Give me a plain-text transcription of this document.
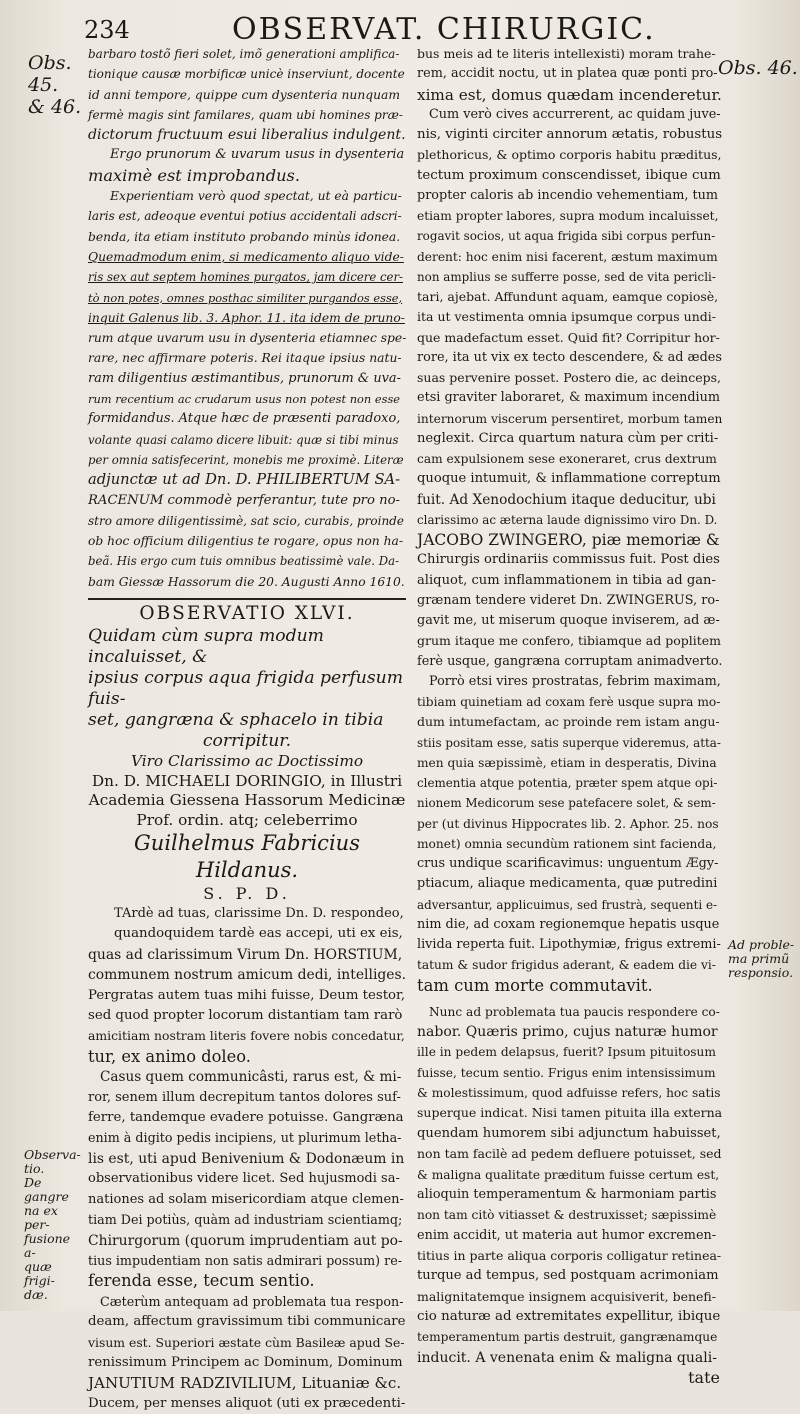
234	OBSERVAT. CHIRURGIC.
Obs. 45.
& 46.
Obs. 46.
Ad proble-
ma primũ
responsio.
Observa-
tio.
De gangre
na ex per-
fusione a-
quæ frigi-
dæ.
barbaro tostõ fieri solet, imõ generationi amplifica-
tionique causæ morbificæ unicè inserviunt, docente
id anni tempore, quippe cum dysenteria nunquam
fermè magis sint familares, quam ubi homines præ-
dictorum fructuum esui liberalius indulgent.
Ergo prunorum & uvarum usus in dysenteria
maximè est improbandus.
Experientiam verò quod spectat, ut eà particu-
laris est, adeoque eventui potius accidentali adscri-
benda, ita etiam instituto probando minùs idonea.
Quemadmodum enim, si medicamento aliquo vide-
ris sex aut septem homines purgatos, jam dicere cer-
tò non potes, omnes posthac similiter purgandos esse,
inquit Galenus lib. 3. Aphor. 11. ita idem de pruno-
rum atque uvarum usu in dysenteria etiamnec spe-
rare, nec affirmare poteris. Rei itaque ipsius natu-
ram diligentius æstimantibus, prunorum & uva-
rum recentium ac crudarum usus non potest non esse
formidandus. Atque hæc de præsenti paradoxo,
volante quasi calamo dicere libuit: quæ si tibi minus
per omnia satisfecerint, monebis me proximè. Literæ
adjunctæ ut ad Dn. D. PHILIBERTUM SA-
RACENUM commodè perferantur, tute pro no-
stro amore diligentissimè, sat scio, curabis, proinde
ob hoc officium diligentius te rogare, opus non ha-
beã. His ergo cum tuis omnibus beatissimè vale. Da-
bam Giessæ Hassorum die 20. Augusti Anno 1610.
OBSERVATIO XLVI.
Quidam cùm supra modum incaluisset, &
ipsius corpus aqua frigida perfusum fuis-
set, gangræna & sphacelo in tibia
corripitur.
Viro Clarissimo ac Doctissimo
Dn. D. MICHAELI DORINGIO, in Illustri
Academia Giessena Hassorum Medicinæ
Prof. ordin. atq; celeberrimo
Guilhelmus Fabricius Hildanus.
S. P. D.
TArdè ad tuas, clarissime Dn. D. respondeo,
quandoquidem tardè eas accepi, uti ex eis,
quas ad clarissimum Virum Dn. HORSTIUM,
communem nostrum amicum dedi, intelliges.
Pergratas autem tuas mihi fuisse, Deum testor,
sed quod propter locorum distantiam tam rarò
amicitiam nostram literis fovere nobis concedatur,
tur, ex animo doleo.
Casus quem communicâsti, rarus est, & mi-
ror, senem illum decrepitum tantos dolores suf-
ferre, tandemque evadere potuisse. Gangræna
enim à digito pedis incipiens, ut plurimum letha-
lis est, uti apud Benivenium & Dodonæum in
observationibus videre licet. Sed hujusmodi sa-
nationes ad solam misericordiam atque clemen-
tiam Dei potiùs, quàm ad industriam scientiamq;
Chirurgorum (quorum imprudentiam aut po-
tius impudentiam non satis admirari possum) re-
ferenda esse, tecum sentio.
Cæterùm antequam ad problemata tua respon-
deam, affectum gravissimum tibi communicare
visum est. Superiori æstate cùm Basileæ apud Se-
renissimum Principem ac Dominum, Dominum
JANUTIUM RADZIVILIUM, Lituaniæ &c.
Ducem, per menses aliquot (uti ex præcedenti-
bus meis ad te literis intellexisti) moram trahe-
rem, accidit noctu, ut in platea quæ ponti pro-
xima est, domus quædam incenderetur.
Cum verò cives accurrerent, ac quidam juve-
nis, viginti circiter annorum ætatis, robustus
plethoricus, & optimo corporis habitu præditus,
tectum proximum conscendisset, ibique cum
propter caloris ab incendio vehementiam, tum
etiam propter labores, supra modum incaluisset,
rogavit socios, ut aqua frigida sibi corpus perfun-
derent: hoc enim nisi facerent, æstum maximum
non amplius se sufferre posse, sed de vita pericli-
tari, ajebat. Affundunt aquam, eamque copiosè,
ita ut vestimenta omnia ipsumque corpus undi-
que madefactum esset. Quid fit? Corripitur hor-
rore, ita ut vix ex tecto descendere, & ad ædes
suas pervenire posset. Postero die, ac deinceps,
etsi graviter laboraret, & maximum incendium
internorum viscerum persentiret, morbum tamen
neglexit. Circa quartum natura cùm per criti-
cam expulsionem sese exoneraret, crus dextrum
quoque intumuit, & inflammatione correptum
fuit. Ad Xenodochium itaque deducitur, ubi
clarissimo ac æterna laude dignissimo viro Dn. D.
JACOBO ZWINGERO, piæ memoriæ &
Chirurgis ordinariis commissus fuit. Post dies
aliquot, cum inflammationem in tibia ad gan-
grænam tendere videret Dn. ZWINGERUS, ro-
gavit me, ut miserum quoque inviserem, ad æ-
grum itaque me confero, tibiamque ad poplitem
ferè usque, gangræna corruptam animadverto.
Porrò etsi vires prostratas, febrim maximam,
tibiam quinetiam ad coxam ferè usque supra mo-
dum intumefactam, ac proinde rem istam angu-
stiis positam esse, satis superque videremus, atta-
men quia sæpissimè, etiam in desperatis, Divina
clementia atque potentia, præter spem atque opi-
nionem Medicorum sese patefacere solet, & sem-
per (ut divinus Hippocrates lib. 2. Aphor. 25. nos
monet) omnia secundùm rationem sint facienda,
crus undique scarificavimus: unguentum Ægy-
ptiacum, aliaque medicamenta, quæ putredini
adversantur, applicuimus, sed frustrà, sequenti e-
nim die, ad coxam regionemque hepatis usque
livida reperta fuit. Lipothymiæ, frigus extremi-
tatum & sudor frigidus aderant, & eadem die vi-
tam cum morte commutavit.
Nunc ad problemata tua paucis respondere co-
nabor. Quæris primo, cujus naturæ humor
ille in pedem delapsus, fuerit? Ipsum pituitosum
fuisse, tecum sentio. Frigus enim intensissimum
& molestissimum, quod adfuisse refers, hoc satis
superque indicat. Nisi tamen pituita illa externa
quendam humorem sibi adjunctum habuisset,
non tam facilè ad pedem defluere potuisset, sed
& maligna qualitate præditum fuisse certum est,
alioquin temperamentum & harmoniam partis
non tam citò vitiasset & destruxisset; sæpissimè
enim accidit, ut materia aut humor excremen-
titius in parte aliqua corporis colligatur retinea-
turque ad tempus, sed postquam acrimoniam
malignitatemque insignem acquisiverit, benefi-
cio naturæ ad extremitates expellitur, ibique
temperamentum partis destruit, gangrænamque
inducit. A venenata enim & maligna quali-
tate
